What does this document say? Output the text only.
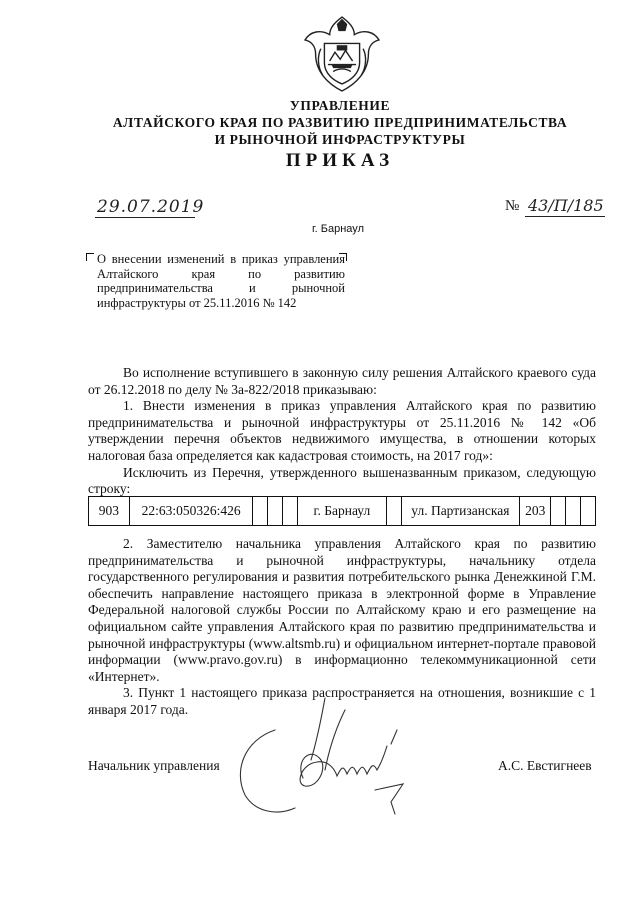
УПРАВЛЕНИЕ
АЛТАЙСКОГО КРАЯ ПО РАЗВИТИЮ ПРЕДПРИНИМАТЕЛЬСТВА
И РЫНОЧНОЙ ИНФРАСТРУКТУРЫ
ПРИКАЗ
29.07.2019	№ 43/П/185
г. Барнаул
О внесении изменений в приказ управления Алтайского края по развитию предпринимательства и рыночной инфраструктуры от 25.11.2016 № 142

Во исполнение вступившего в законную силу решения Алтайского краевого суда от 26.12.2018 по делу № 3а-822/2018 приказываю:

1. Внести изменения в приказ управления Алтайского края по развитию предпринимательства и рыночной инфраструктуры от 25.11.2016 № 142 «Об утверждении перечня объектов недвижимого имущества, в отношении которых налоговая база определяется как кадастровая стоимость, на 2017 год»:

Исключить из Перечня, утвержденного вышеназванным приказом, следующую строку:

903	22:63:050326:426				г. Барнаул		ул. Партизанская	203			

2. Заместителю начальника управления Алтайского края по развитию предпринимательства и рыночной инфраструктуры, начальнику отдела государственного регулирования и развития потребительского рынка Денежкиной Г.М. обеспечить направление настоящего приказа в электронной форме в Управление Федеральной налоговой службы России по Алтайскому краю и его размещение на официальном сайте управления Алтайского края по развитию предпринимательства и рыночной инфраструктуры (www.altsmb.ru) и официальном интернет-портале правовой информации (www.pravo.gov.ru) в информационно телекоммуникационной сети «Интернет».

3. Пункт 1 настоящего приказа распространяется на отношения, возникшие с 1 января 2017 года.

Начальник управления	А.С. Евстигнеев
